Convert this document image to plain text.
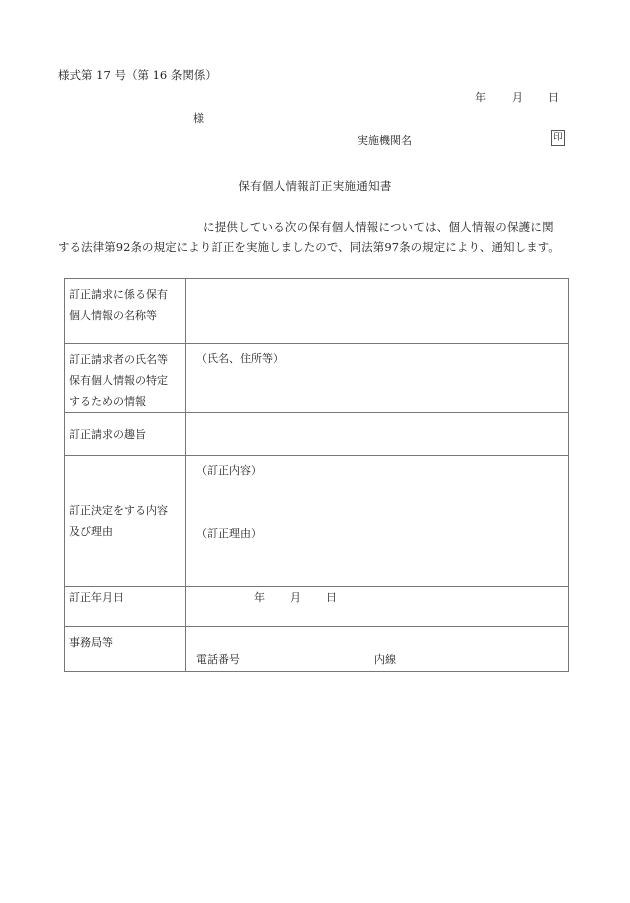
様式第 17 号（第 16 条関係）
年 月 日
様
実施機関名	印
保有個人情報訂正実施通知書
に提供している次の保有個人情報については、個人情報の保護に関
する法律第92条の規定により訂正を実施しましたので、同法第97条の規定により、通知します。
訂正請求に係る保有
個人情報の名称等	

訂正請求者の氏名等
保有個人情報の特定
するための情報	（氏名、住所等）
訂正請求の趣旨	

訂正決定をする内容
及び理由	（訂正内容）
（訂正理由）

訂正年月日	年 月 日
事務局等	電話番号 内線
